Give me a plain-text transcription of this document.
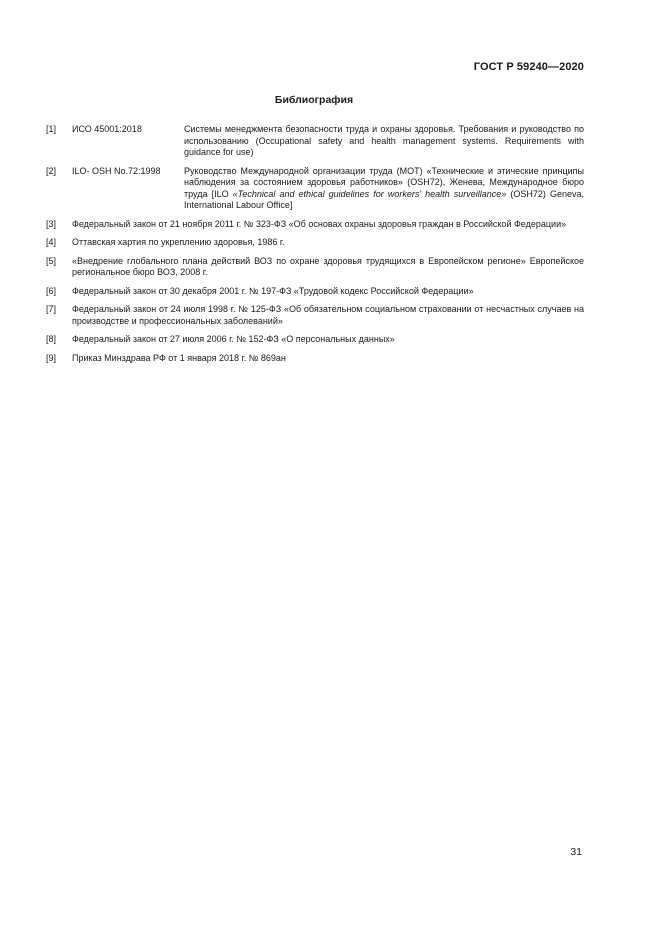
ГОСТ Р 59240—2020
Библиография
[1]	ИСО 45001:2018	Системы менеджмента безопасности труда и охраны здоровья. Требования и руководство по использованию (Occupational safety and health management systems. Requirements with guidance for use)
[2]	ILO- OSH No.72:1998	Руководство Международной организации труда (МОТ) «Технические и этические принципы наблюдения за состоянием здоровья работников» (OSH72), Женева, Международное бюро труда [ILO «Technical and ethical guidelines for workers' health surveillance» (OSH72) Geneva, International Labour Office]
[3]	Федеральный закон от 21 ноября 2011 г. № 323-ФЗ «Об основах охраны здоровья граждан в Российской Федерации»
[4]	Оттавская хартия по укреплению здоровья, 1986 г.
[5]	«Внедрение глобального плана действий ВОЗ по охране здоровья трудящихся в Европейском регионе» Европейское региональное бюро ВОЗ, 2008 г.
[6]	Федеральный закон от 30 декабря 2001 г. № 197-ФЗ «Трудовой кодекс Российской Федерации»
[7]	Федеральный закон от 24 июля 1998 г. № 125-ФЗ «Об обязательном социальном страховании от несчастных случаев на производстве и профессиональных заболеваний»
[8]	Федеральный закон от 27 июля 2006 г. № 152-ФЗ «О персональных данных»
[9]	Приказ Минздрава РФ от 1 января 2018 г. № 869ан
31
